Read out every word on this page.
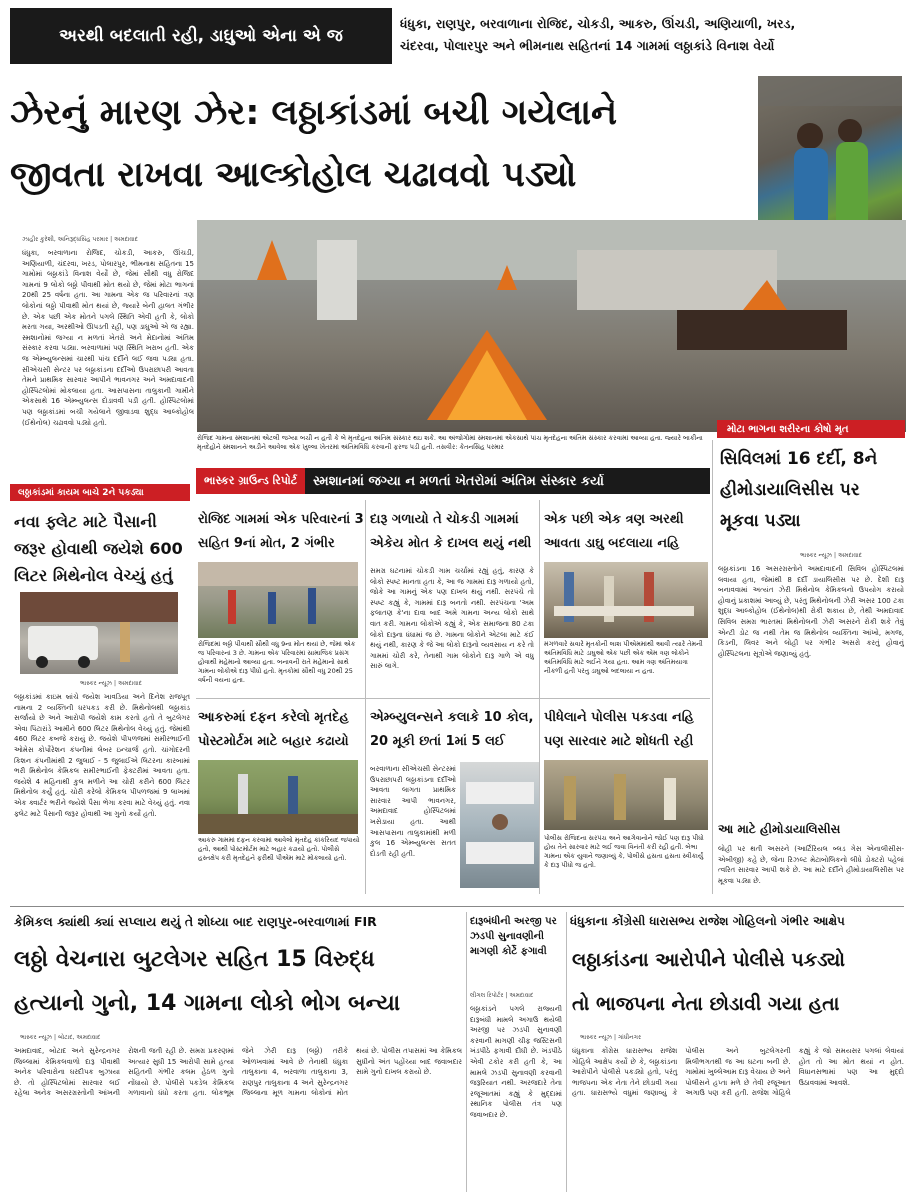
અરથી બદલાતી રહી, ડાઘુઓ એના એ જ
ધંધુકા, રાણપુર, બરવાળાના રોજિદ, ચોકડી, આકરુ, ઊંચડી, અણિયાળી, ખરડ,
ચંદરવા, પોલારપુર અને ભીમનાથ સહિતનાં 14 ગામમાં લઠ્ઠાકાંડે વિનાશ વેર્યો
ઝેરનું મારણ ઝેર: લઠ્ઠાકાંડમાં બચી ગયેલાને
જીવતા રાખવા આલ્કોહોલ ચઢાવવો પડ્યો
ઝાહીર કુરેશી, અનિરૂદ્ધસિંહ પરમાર | અમદાવાદ
ધંધુકા, બરવાળાના રોજિદ, ચોકડી, આકરુ, ઊંચડી, અણિયાળી, ચંદરવા, ખરડ, પોલારપુર, ભીમનાથ સહિતના 15 ગામોમાં લઠ્ઠાકાંડે વિનાશ વેર્યો છે, જેમાં સૌથી વધુ રોજિદ ગામનાં 9 લોકો લઠ્ઠો પીવાથી મોત થયો છે, જેમાં મોટા ભાગનાં 20થી 25 વર્ષના હતા. આ ગામના એક જ પરિવારનાં ત્રણ લોકોનાં લઠ્ઠો પીવાથી મોત થયાં છે, જ્યારે બેની હાલત ગંભીર છે. એક પછી એક મોતને પગલે સ્થિતિ એવી હતી કે, લોકો મરતા ગયા, અરથીઓ ઊપડતી રહી, પણ ડાઘુઓ એ જ રહ્યા. સ્મશાનોમાં જગ્યા ન મળતાં ખેતરો અને મેદાનોમાં અંતિમ સંસ્કાર કરવા પડ્યા. બરવાળામાં પણ સ્થિતિ ખરાબ હતી. એક જ એમ્બ્યુલન્સમાં ચારથી પાંચ દર્દીને લઈ જવા પડ્યા હતા. સીએચસી સેન્ટર પર લઠ્ઠાકાંડના દર્દીઓ ઉપરાછાપરી આવતા તેમને પ્રાથમિક સારવાર આપીને ભાવનગર અને અમદાવાદની હોસ્પિટલોમાં મોકલાયા હતા. આસપાસના તાલુકાની ગામીને એકસાથે 16 એમ્બ્યુલન્સ દોડાવવી પડી હતી. હોસ્પિટલોમાં પણ લઠ્ઠાકાંડમાં બચી ગયેલાને જીવાડવા શુદ્ધ આલ્કોહોલ (ઈથેનોલ) ચઢાવવો પડ્યો હતો.
રોજિદ ગામના સ્મશાનમાં એટલી જગ્યા બચી ન હતી કે બે મૃતદેહના અંતિમ સંસ્કાર થઇ શકે. આ અંજોગોમાં સ્મશાનમાં એકસાથે પાંચ મૃતદેહના અંતિમ સંસ્કાર કરવામાં આવ્યા હતા. જ્યારે બાકીના મૃતદેહોને સ્મશાનને અડીને આવેલા એક ખુલ્લા ખેતરમાં અંતિમવિધિ કરવાની ફરજ પડી હતી. તસવીર: કેતનસિંહ પરમાર
મોટા ભાગના શરીરના કોષો મૃત
લઠ્ઠાકાંડમાં કાયમ બાચે 2ને પકડ્યા
નવા ફ્લેટ માટે પૈસાની જરૂર હોવાથી જયેશે 600 લિટર મિથેનોલ વેચ્યું હતું
ભાસ્કર ન્યૂઝ | અમદાવાદ
લઠ્ઠાકાંડમાં કાઇમ બ્રાંચે જયેશ ખાવડિયા અને દિનેશ રાજપૂત નામના 2 વ્યક્તિની ધરપકડ કરી છે. મિથેનોલથી લઠ્ઠાકાંડ સર્જાયો છે અને આરોપી જયેશે કામ કરતો હતો તે બુટલેગર એવા પિંટારાંડે આમીને 600 લિટર મિથેનોલ વેચ્યું હતું. જેમાંથી 460 લિટર કબજે કરાયું છે. જયેશે પીપળજમાં સમીરભાઈની ઓમેસ કોર્પોરેશન કંપનીમાં લેબર ઇન્ચાર્જ હતો. ચાંગોદરની કિશન કંપનીમાંથી 2 જુલાઈ - 5 જુલાઈએ લિટરના કારબામાં ભરી મિથેનોલ કેમિકલ સમીરભાઈની ફેક્ટરીમાં આવતા હતા. જયેશે 4 મહિનાથી કુલ મળીને આ ચોરી કરીને 600 લિટર મિથેનોલ કર્યું હતું. ચોરી કરેલો કેમિકલ પીપળજમાં 9 લાખમાં એક ક્વાર્ટર ભરીને જ્યેશે પૈસા ભેગા કરવા માટે વેચ્યું હતું. નવા ફ્લેટ માટે પૈસાની જરૂર હોવાથી આ ગુનો કર્યો હતો.
ભાસ્કર ગ્રાઉન્ડ રિપોર્ટ	સ્મશાનમાં જગ્યા ન મળતાં ખેતરોમાં અંતિમ સંસ્કાર કર્યા
રોજિદ ગામમાં એક પરિવારનાં 3 સહિત 9નાં મોત, 2 ગંભીર
રોજિદમાં લઠ્ઠો પીવાથી સૌથી વધુ 9ના મોત થયાં છે, જેમાં એક જ પરિવારનાં 3 છે. ગામના એક પરિવારમાં સામાજિક પ્રસંગ હોવાથી મહેમાનો આવ્યા હતા. બનાવની રાતે મહેમાનો સાથે ગામના લોકોએ દારૂ પીધો હતો. મૃતકોમાં સૌથી વધુ 20થી 25 વર્ષની વયના હતા.
દારૂ ગળાયો તે ચોકડી ગામમાં એકેય મોત કે દાખલ થયું નથી
સમગ્ર ઘટનામાં ચોકડી ગામ ચર્ચામાં રહ્યું હતું, કારણ કે લોકો સ્પષ્ટ માનતા હતા કે, આ જ ગામમાં દારૂ ગળાયો હતો, જોકે આ ગામનું એક પણ દાખલ થયું નથી. સરપંચે તો સ્પષ્ટ કહ્યું કે, ગામમાં દારૂ બનતો નથી. સરપંચના 'અમ ફલાતણ કે'ના દાવા બાદ અમે ગામના અન્ય લોકો સાથે વાત કરી. ગામના લોકોએ કહ્યું કે, એક સમાજના 80 ટકા લોકો દારૂના ધંધામાં જ છે. ગામના લોકોને એટલા માટે કંઈ થયું નથી, કારણ કે જે આ લોકો દારૂનો વ્યવસાય ન કરે તો ગામમાં ચોરી કરે, તેનાથી ગામ લોકોને દારૂ ગાળે એ વધુ સારું લાગે.
એક પછી એક ત્રણ અરથી આવતા ડાઘુ બદલાયા નહિ
મંગળવારે સવારે મૃતકોની લાશ પીએમમાંથી આવી ત્યારે તેમની અંતિમવિધિ માટે ડાઘુઓ એક પછી એક એમ ત્રણ લોકોને અંતિમવિધિ માટે લઈને ગયા હતા. આમ ત્રણ અંતિમયાત્રા નીકળી હતી પરંતુ ડાઘુઓ બદલાયા ન હતા.
આકરુમાં દફન કરેલો મૃતદેહ પોસ્ટમોર્ટમ માટે બહાર કઢાયો
આકરુ ગામમાં દફન કરવામાં આવેલો મૃતદેહ કાંકરિયદ જપાયો હતો, આથી પોસ્ટમોર્ટમ માટે બહાર કઢાયો હતો. પોલીસે હસ્તક્ષેપ કરી મૃતદેહને ફરીથી પીએમ માટે મોકલાયો હતો.
એમ્બ્યુલન્સને કલાકે 10 કોલ, 20 મૂકી છતાં 1માં 5 લઈ
બરવાળાના સીએચસી સેન્ટરમાં ઉપરાછાપરી લઠ્ઠાકાંડના દર્દીઓ આવતા લાગતા પ્રાથમિક સારવાર આપી ભાવનગર, અમદાવાદ હોસ્પિટલમાં ખસેડાયા હતા. આથી આસપાસના તાલુકામાંથી મળી કુલ 16 એમ્બ્યુલન્સ સતત દોડતી રહી હતી.
પીધેલાને પોલીસ પકડવા નહિ પણ સારવાર માટે શોધતી રહી
પોલીસ રોજિદના સરપંચ અને આગેવાનોને જોઈ પણ દારૂ પીધો હોય તેને સારવાર માટે લઈ જવા વિનંતી કરી રહી હતી. બેભા ગામના એક યુવાને જણાવ્યું કે, પોલીસે હસતા હસતા સ્વીકાર્યું કે દારૂ પીધો જ હતો.
સિવિલમાં 16 દર્દી, 8ને હીમોડાયાલિસીસ પર મૂકવા પડ્યા
ભાસ્કર ન્યૂઝ | અમદાવાદ
લઠ્ઠાકાંડના 16 અસરગ્રસ્તોને અમદાવાદની સિવિલ હોસ્પિટલમાં લવાયા હતા, જેમાંથી 8 દર્દી ડાયાલિસીસ પર છે. દેશી દારૂ બનાવવામાં અત્યંત ઝેરી મિથેનોલ કેમિકલનો ઉપયોગ કરાયો હોવાનું પ્રકાશમાં આવ્યું છે, પરંતુ મિથેનોલની ઝેરી અસર 100 ટકા શુદ્ધ આલ્કોહોલ (ઈથેનોલ)થી રોકી શકાય છે, તેથી અમદાવાદ સિવિલ સમગ્ર ભારતમાં મિથેનોલની ઝેરી અસરને રોકી શકે તેવું એન્ટી ડોટ જ નથી તેમ જ મિથેનોલ વ્યક્તિના આંખો, મગજ, કિડની, લિવર અને લોહી પર ગંભીર અસરો કરતું હોવાનું હોસ્પિટલના સૂત્રોએ જણાવ્યું હતું.
આ માટે હીમોડાયાલિસીસ
લોહી પર થતી અસરને (આર્ટિરિયલ બ્લડ ગેસ એનાલીસીસ-એબીજી) કહે છે, જેના રિઝલ્ટ મેટાબોલિકનો લીધે ડોક્ટરો પહેલાં ત્વરિત સારવાર આપી શકે છે. આ માટે દર્દીને હીમોડાયાલિસીસ પર મૂકવા પડ્યા છે.
કેમિકલ ક્યાંથી ક્યાં સપ્લાય થયું તે શોધ્યા બાદ રાણપુર-બરવાળામાં FIR
લઠ્ઠો વેચનારા બુટલેગર સહિત 15 વિરુદ્ધ
હત્યાનો ગુનો, 14 ગામના લોકો ભોગ બન્યા
ભાસ્કર ન્યૂઝ | બોટાદ, અમદાવાદ
અમદાવાદ, બોટાદ અને સુરેન્દ્રનગર જિલ્લામાં કેમિકલવાળો દારૂ પીવાથી અનેક પરિવારોના ઘરદીપક બુઝાયા છે. તો હોસ્પિટલોમાં સારવાર લઈ રહેલા અનેક અસરગ્રસ્તોની આંખની રોશની જતી રહી છે. સમગ્ર પ્રકરણમાં અત્યાર સુધી 15 આરોપી સામે હત્યા સહિતની ગંભીર કલમ હેઠળ ગુનો નોંધાયો છે. પોલીસે પકડેલ કેમિકલ ગળાવાનો ધંધો કરતા હતા. લોકભૂમ જેને ઝેરી દારૂ (લઠ્ઠો) તરીકે ઓળખવામાં આવે છે તેનાથી ધંધુકા તાલુકાના 4, બરવાળા તાલુકાના 3, રાણપુર તાલુકાના 4 અને સુરેન્દ્રનગર જિલ્લાના મૂળ ગામના લોકોનાં મોત થયાં છે. પોલીસ તપાસમાં આ કેમિકલ સુધીનો અંત પહોંચ્યા બાદ જવાબદાર સામે ગુનો દાખલ કરાયો છે.
દારૂબંધીની અરજી પર ઝડપી સુનાવણીની માગણી કોર્ટે ફગાવી
લીગલ રિપોર્ટર | અમદાવાદ
લઠ્ઠાકાંડને પગલે રાજ્યની દારૂબંધી મામલે અગાઉ થયેલી અરજી પર ઝડપી સુનાવણી કરવાની માગણી ચીફ જસ્ટિસની ખંડપીઠે ફગાવી દીધી છે. ખંડપીઠે એવી ટકોર કરી હતી કે, આ મામલે ઝડપી સુનાવણી કરવાની જરૂરિયાત નથી. અરજદારે તેના રજૂઆતમાં કહ્યું કે મુદ્દામાં સ્થાનિક પોલીસ તંત્ર પણ જવાબદાર છે.
ધંધુકાના કોંગ્રેસી ધારાસભ્ય રાજેશ ગોહિલનો ગંભીર આક્ષેપ
લઠ્ઠાકાંડના આરોપીને પોલીસે પકડ્યો
તો ભાજપના નેતા છોડાવી ગયા હતા
ભાસ્કર ન્યૂઝ | ગાંધીનગર
ધંધુકાના કોંગ્રેસ ધારાસભ્ય રાજેશ ગોહિલે આક્ષેપ કર્યો છે કે, લઠ્ઠાકાંડના આરોપીને પોલીસે પકડ્યો હતો, પરંતુ ભાજપના એક નેતા તેને છોડાવી ગયા હતા. ધારાસભ્યે વધુમાં જણાવ્યું કે પોલીસ અને બુટલેગરની મિલીભગતથી જ આ ઘટના બની છે. ગામોમાં ખુલ્લેઆમ દારૂ વેચાય છે અને પોલીસને હપ્તા મળે છે તેવી રજૂઆત અગાઉ પણ કરી હતી. રાજેશ ગોહિલે કહ્યું કે જો સમયસર પગલાં લેવાયાં હોત તો આ મોત થયાં ન હોત. વિધાનસભામાં પણ આ મુદ્દો ઉઠાવવામાં આવશે.
